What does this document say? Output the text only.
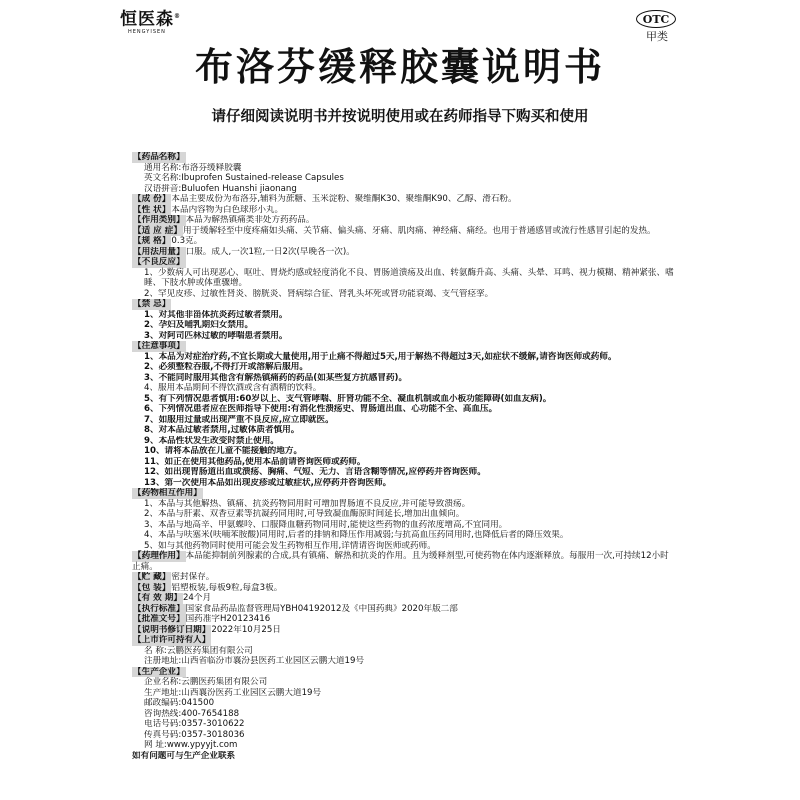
恒医森®
HENGYISEN
OTC
甲类
布洛芬缓释胶囊说明书
请仔细阅读说明书并按说明使用或在药师指导下购买和使用
【药品名称】
通用名称:布洛芬缓释胶囊
英文名称:Ibuprofen Sustained-release Capsules
汉语拼音:Buluofen Huanshi jiaonang
【成 份】本品主要成份为布洛芬,辅料为蔗糖、玉米淀粉、聚维酮K30、聚维酮K90、乙醇、滑石粉。
【性 状】本品内容物为白色球形小丸。
【作用类别】本品为解热镇痛类非处方药药品。
【适 应 症】用于缓解轻至中度疼痛如头痛、关节痛、偏头痛、牙痛、肌肉痛、神经痛、痛经。也用于普通感冒或流行性感冒引起的发热。
【规 格】0.3克。
【用法用量】口服。成人,一次1粒,一日2次(早晚各一次)。
【不良反应】
1、少数病人可出现恶心、呕吐、胃烧灼感或轻度消化不良、胃肠道溃疡及出血、转氨酶升高、头痛、头晕、耳鸣、视力模糊、精神紧张、嗜睡、下肢水肿或体重骤增。
2、罕见皮疹、过敏性肾炎、膀胱炎、肾病综合征、肾乳头坏死或肾功能衰竭、支气管痉挛。
【禁 忌】
1、对其他非甾体抗炎药过敏者禁用。
2、孕妇及哺乳期妇女禁用。
3、对阿司匹林过敏的哮喘患者禁用。
【注意事项】
1、本品为对症治疗药,不宜长期或大量使用,用于止痛不得超过5天,用于解热不得超过3天,如症状不缓解,请咨询医师或药师。
2、必须整粒吞服,不得打开或溶解后服用。
3、不能同时服用其他含有解热镇痛药的药品(如某些复方抗感冒药)。
4、服用本品期间不得饮酒或含有酒精的饮料。
5、有下列情况患者慎用:60岁以上、支气管哮喘、肝肾功能不全、凝血机制或血小板功能障碍(如血友病)。
6、下列情况患者应在医师指导下使用:有消化性溃疡史、胃肠道出血、心功能不全、高血压。
7、如服用过量或出现严重不良反应,应立即就医。
8、对本品过敏者禁用,过敏体质者慎用。
9、本品性状发生改变时禁止使用。
10、请将本品放在儿童不能接触的地方。
11、如正在使用其他药品,使用本品前请咨询医师或药师。
12、如出现胃肠道出血或溃疡、胸痛、气短、无力、言语含糊等情况,应停药并咨询医师。
13、第一次使用本品如出现皮疹或过敏症状,应停药并咨询医师。
【药物相互作用】
1、本品与其他解热、镇痛、抗炎药物同用时可增加胃肠道不良反应,并可能导致溃疡。
2、本品与肝素、双香豆素等抗凝药同用时,可导致凝血酶原时间延长,增加出血倾向。
3、本品与地高辛、甲氨蝶呤、口服降血糖药物同用时,能使这些药物的血药浓度增高,不宜同用。
4、本品与呋塞米(呋喃苯胺酸)同用时,后者的排钠和降压作用减弱;与抗高血压药同用时,也降低后者的降压效果。
5、如与其他药物同时使用可能会发生药物相互作用,详情请咨询医师或药师。
【药理作用】本品能抑制前列腺素的合成,具有镇痛、解热和抗炎的作用。且为缓释剂型,可使药物在体内逐渐释放。每服用一次,可持续12小时止痛。
【贮 藏】密封保存。
【包 装】铝塑板装,每板9粒,每盒3板。
【有 效 期】24个月
【执行标准】国家食品药品监督管理局YBH04192012及《中国药典》2020年版二部
【批准文号】国药准字H20123416
【说明书修订日期】2022年10月25日
【上市许可持有人】
名 称:云鹏医药集团有限公司
注册地址:山西省临汾市襄汾县医药工业园区云鹏大道19号
【生产企业】
企业名称:云鹏医药集团有限公司
生产地址:山西襄汾医药工业园区云鹏大道19号
邮政编码:041500
咨询热线:400-7654188
电话号码:0357-3010622
传真号码:0357-3018036
网 址:www.ypyyjt.com
如有问题可与生产企业联系
